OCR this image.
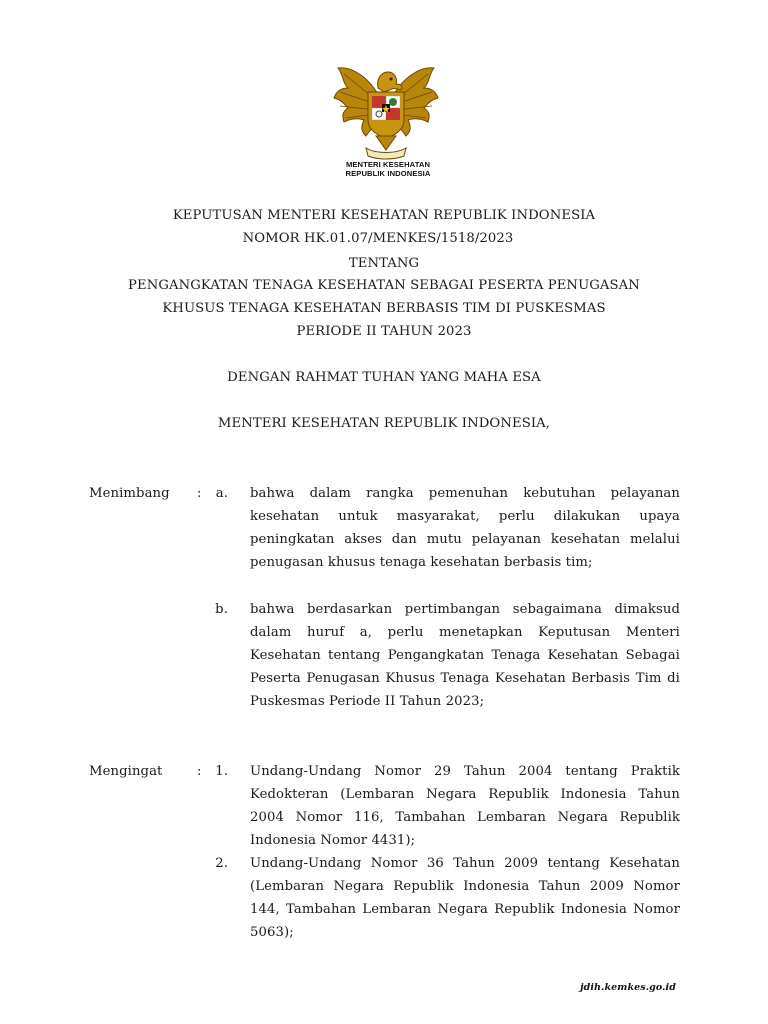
MENTERI KESEHATAN
REPUBLIK INDONESIA
KEPUTUSAN MENTERI KESEHATAN REPUBLIK INDONESIA
NOMOR HK.01.07/MENKES/1518/2023
TENTANG
PENGANGKATAN TENAGA KESEHATAN SEBAGAI PESERTA PENUGASAN
KHUSUS TENAGA KESEHATAN BERBASIS TIM DI PUSKESMAS
PERIODE II TAHUN 2023
DENGAN RAHMAT TUHAN YANG MAHA ESA
MENTERI KESEHATAN REPUBLIK INDONESIA,
Menimbang :	a. bahwa dalam rangka pemenuhan kebutuhan pelayanan kesehatan untuk masyarakat, perlu dilakukan upaya peningkatan akses dan mutu pelayanan kesehatan melalui penugasan khusus tenaga kesehatan berbasis tim;
b. bahwa berdasarkan pertimbangan sebagaimana dimaksud dalam huruf a, perlu menetapkan Keputusan Menteri Kesehatan tentang Pengangkatan Tenaga Kesehatan Sebagai Peserta Penugasan Khusus Tenaga Kesehatan Berbasis Tim di Puskesmas Periode II Tahun 2023;
Mengingat	:	1. Undang-Undang Nomor 29 Tahun 2004 tentang Praktik Kedokteran (Lembaran Negara Republik Indonesia Tahun 2004 Nomor 116, Tambahan Lembaran Negara Republik Indonesia Nomor 4431);
2. Undang-Undang Nomor 36 Tahun 2009 tentang Kesehatan (Lembaran Negara Republik Indonesia Tahun 2009 Nomor 144, Tambahan Lembaran Negara Republik Indonesia Nomor 5063);
jdih.kemkes.go.id
